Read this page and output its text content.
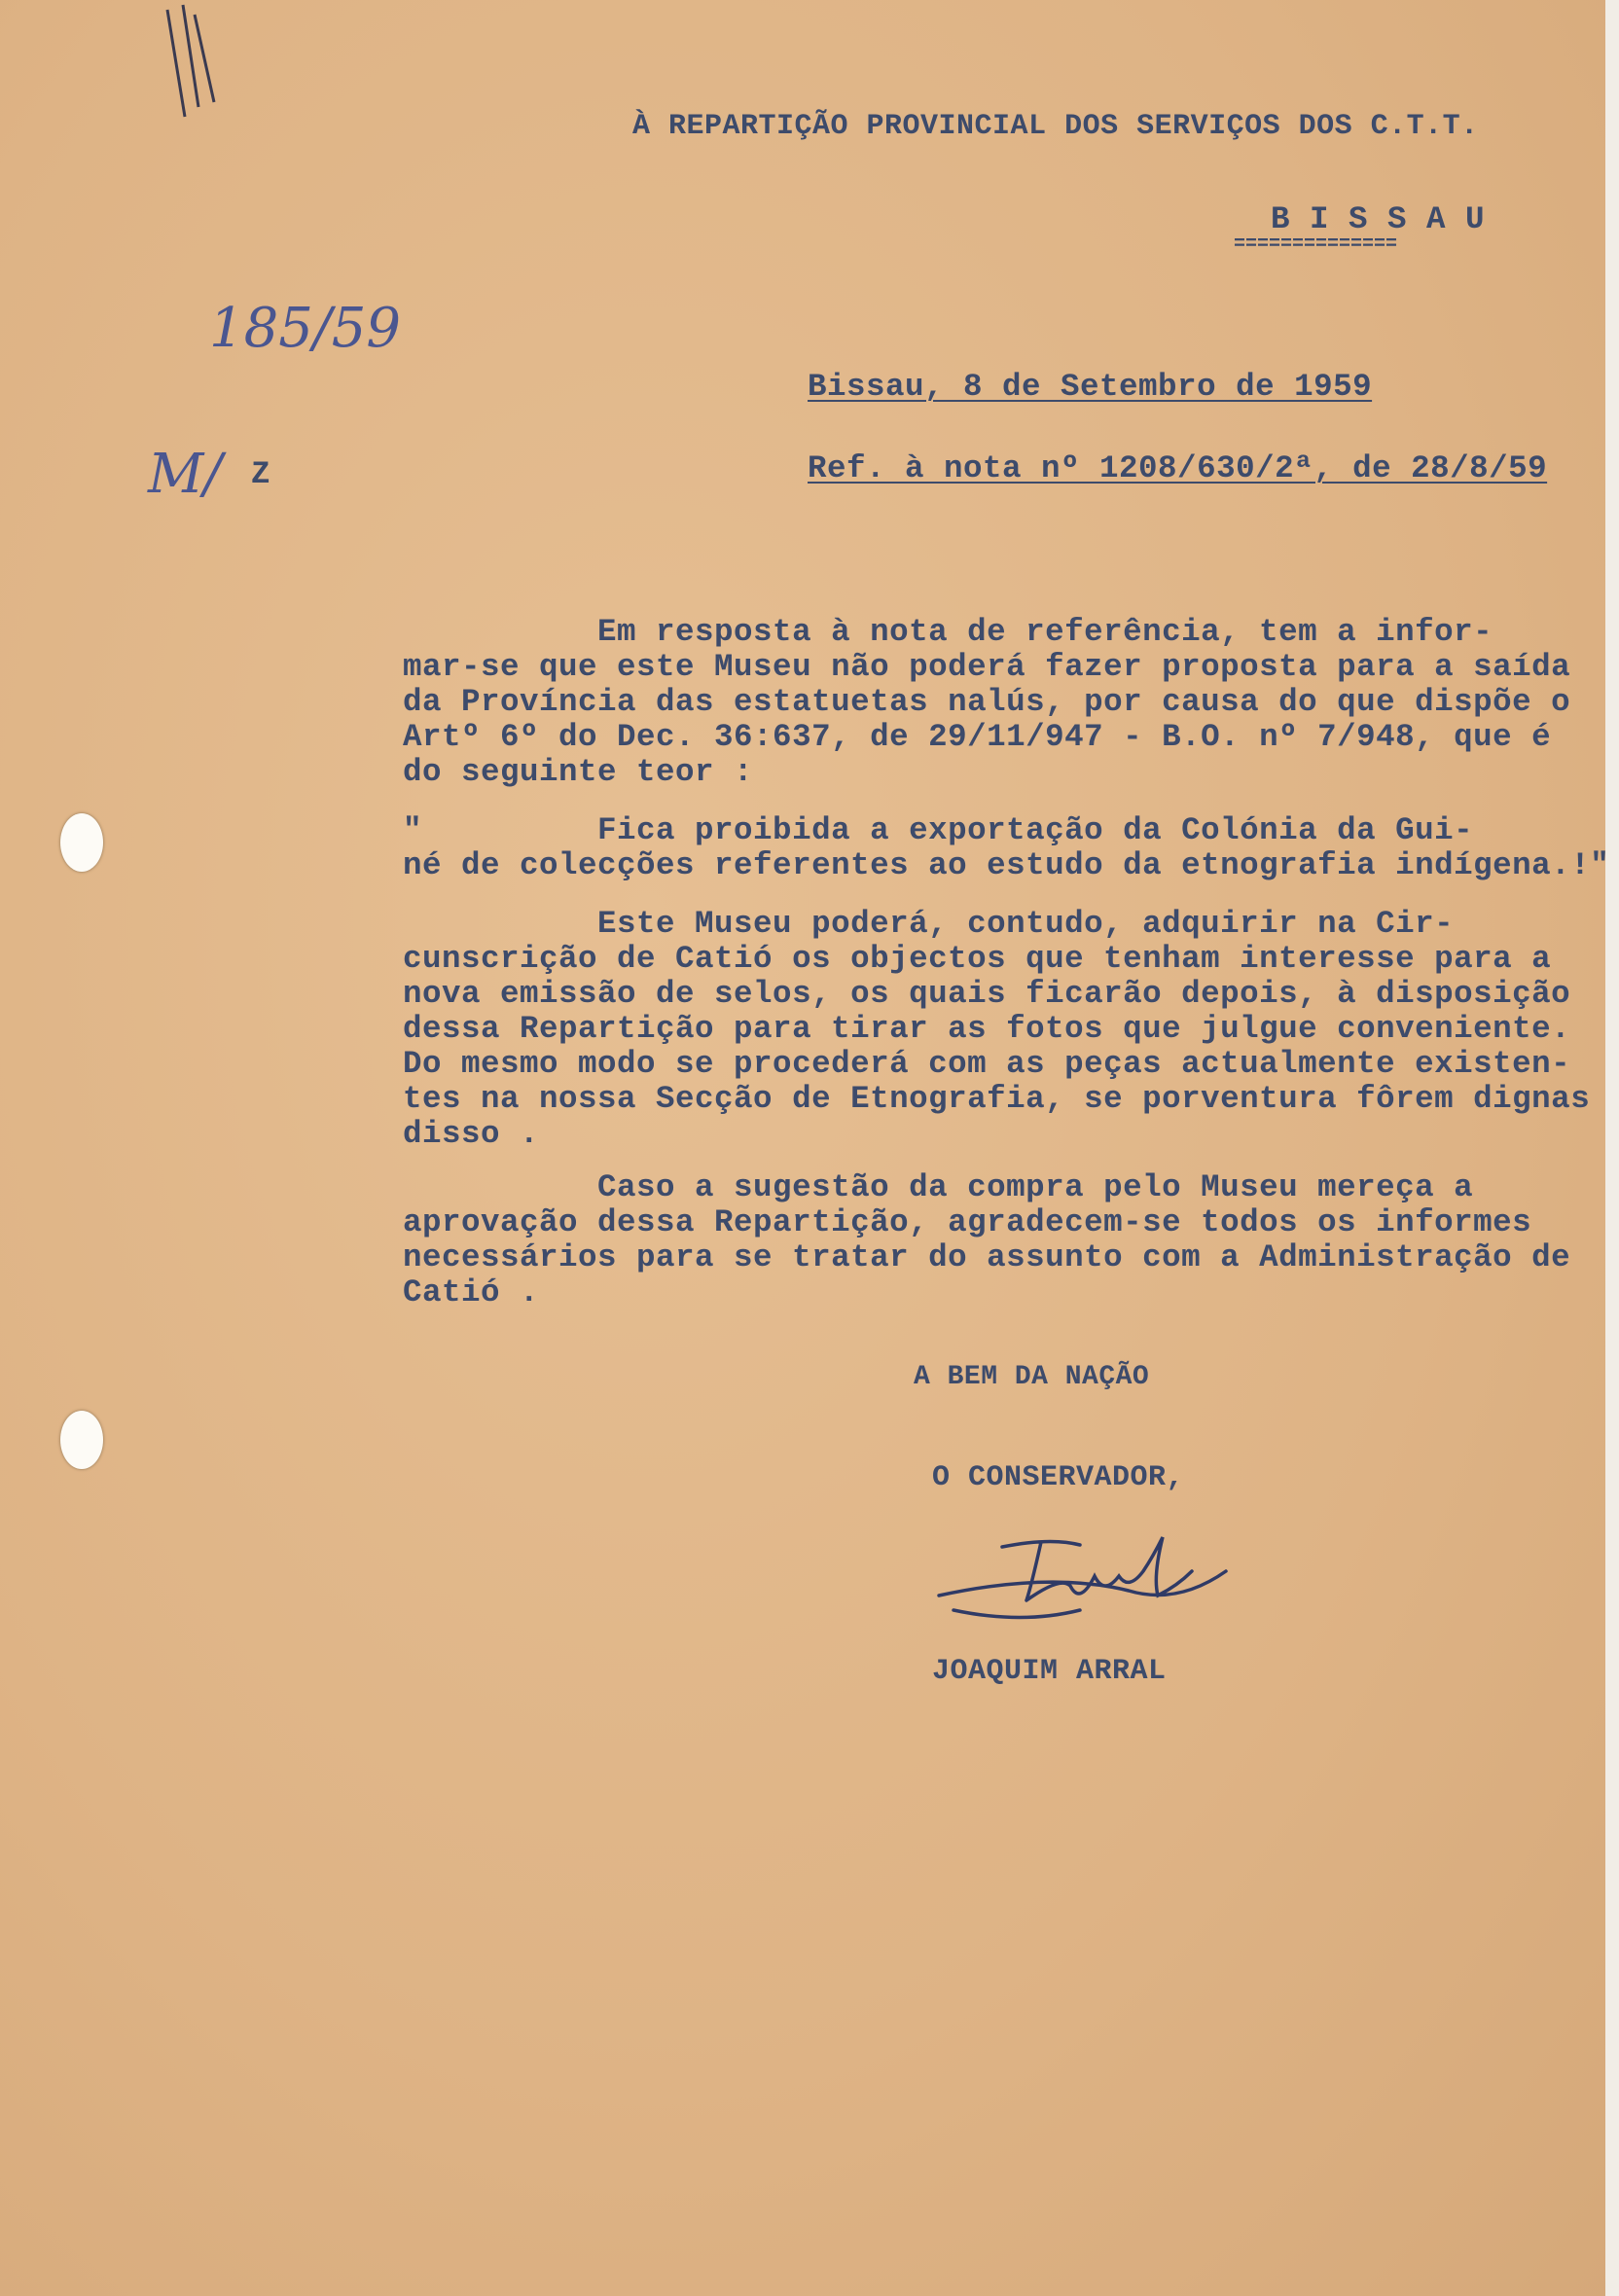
À REPARTIÇÃO PROVINCIAL DOS SERVIÇOS DOS C.T.T.
B I S S A U
==============
185/59
M/ Z
Bissau, 8 de Setembro de 1959
Ref. à nota nº 1208/630/2ª, de 28/8/59
Em resposta à nota de referência, tem a infor-
mar-se que este Museu não poderá fazer proposta para a saída
da Província das estatuetas nalús, por causa do que dispõe o
Artº 6º do Dec. 36:637, de 29/11/947 - B.O. nº 7/948, que é
do seguinte teor :
"         Fica proibida a exportação da Colónia da Gui-
né de colecções referentes ao estudo da etnografia indígena.!"
Este Museu poderá, contudo, adquirir na Cir-
cunscrição de Catió os objectos que tenham interesse para a
nova emissão de selos, os quais ficarão depois, à disposição
dessa Repartição para tirar as fotos que julgue conveniente.
Do mesmo modo se procederá com as peças actualmente existen-
tes na nossa Secção de Etnografia, se porventura fôrem dignas
disso .
Caso a sugestão da compra pelo Museu mereça a
aprovação dessa Repartição, agradecem-se todos os informes
necessários para se tratar do assunto com a Administração de
Catió .
A BEM DA NAÇÃO
O CONSERVADOR,
JOAQUIM ARRAL
